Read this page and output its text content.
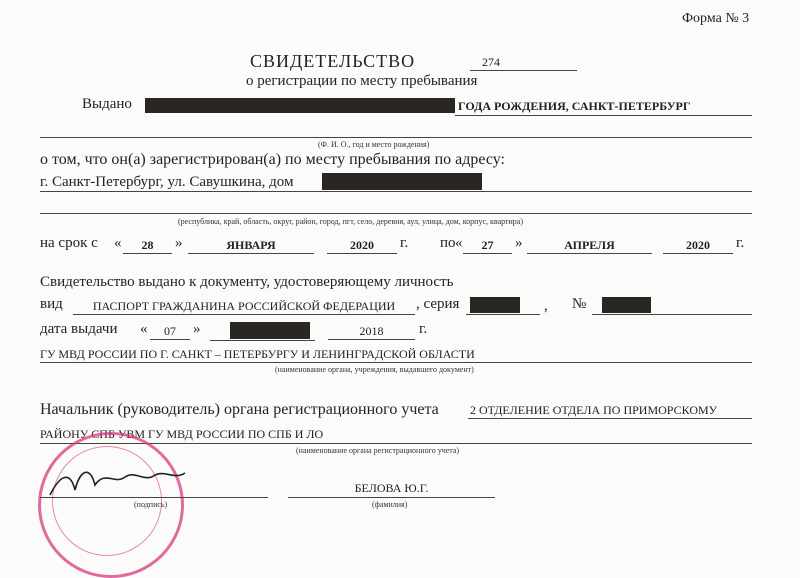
Форма № 3
СВИДЕТЕЛЬСТВО	274
о регистрации по месту пребывания
Выдано	ГОДА РОЖДЕНИЯ, САНКТ-ПЕТЕРБУРГ
(Ф. И. О., год и место рождения)
о том, что он(а) зарегистрирован(а) по месту пребывания по адресу:
г. Санкт-Петербург, ул. Савушкина, дом
(республика, край, область, округ, район, город, пгт, село, деревня, аул, улица, дом, корпус, квартира)
на срок с «	28	»	ЯНВАРЯ	2020	г. по «	27	»	АПРЕЛЯ	2020	г.
Свидетельство выдано к документу, удостоверяющему личность
вид	ПАСПОРТ ГРАЖДАНИНА РОССИЙСКОЙ ФЕДЕРАЦИИ	, серия	, №
дата выдачи «	07	»	2018	г.
ГУ МВД РОССИИ ПО Г. САНКТ – ПЕТЕРБУРГУ И ЛЕНИНГРАДСКОЙ ОБЛАСТИ
(наименование органа, учреждения, выдавшего документ)
Начальник (руководитель) органа регистрационного учета	2 ОТДЕЛЕНИЕ ОТДЕЛА ПО ПРИМОРСКОМУ
РАЙОНУ СПБ УВМ ГУ МВД РОССИИ ПО СПБ И ЛО
(наименование органа регистрационного учета)
(подпись)
БЕЛОВА Ю.Г.
(фамилия)
